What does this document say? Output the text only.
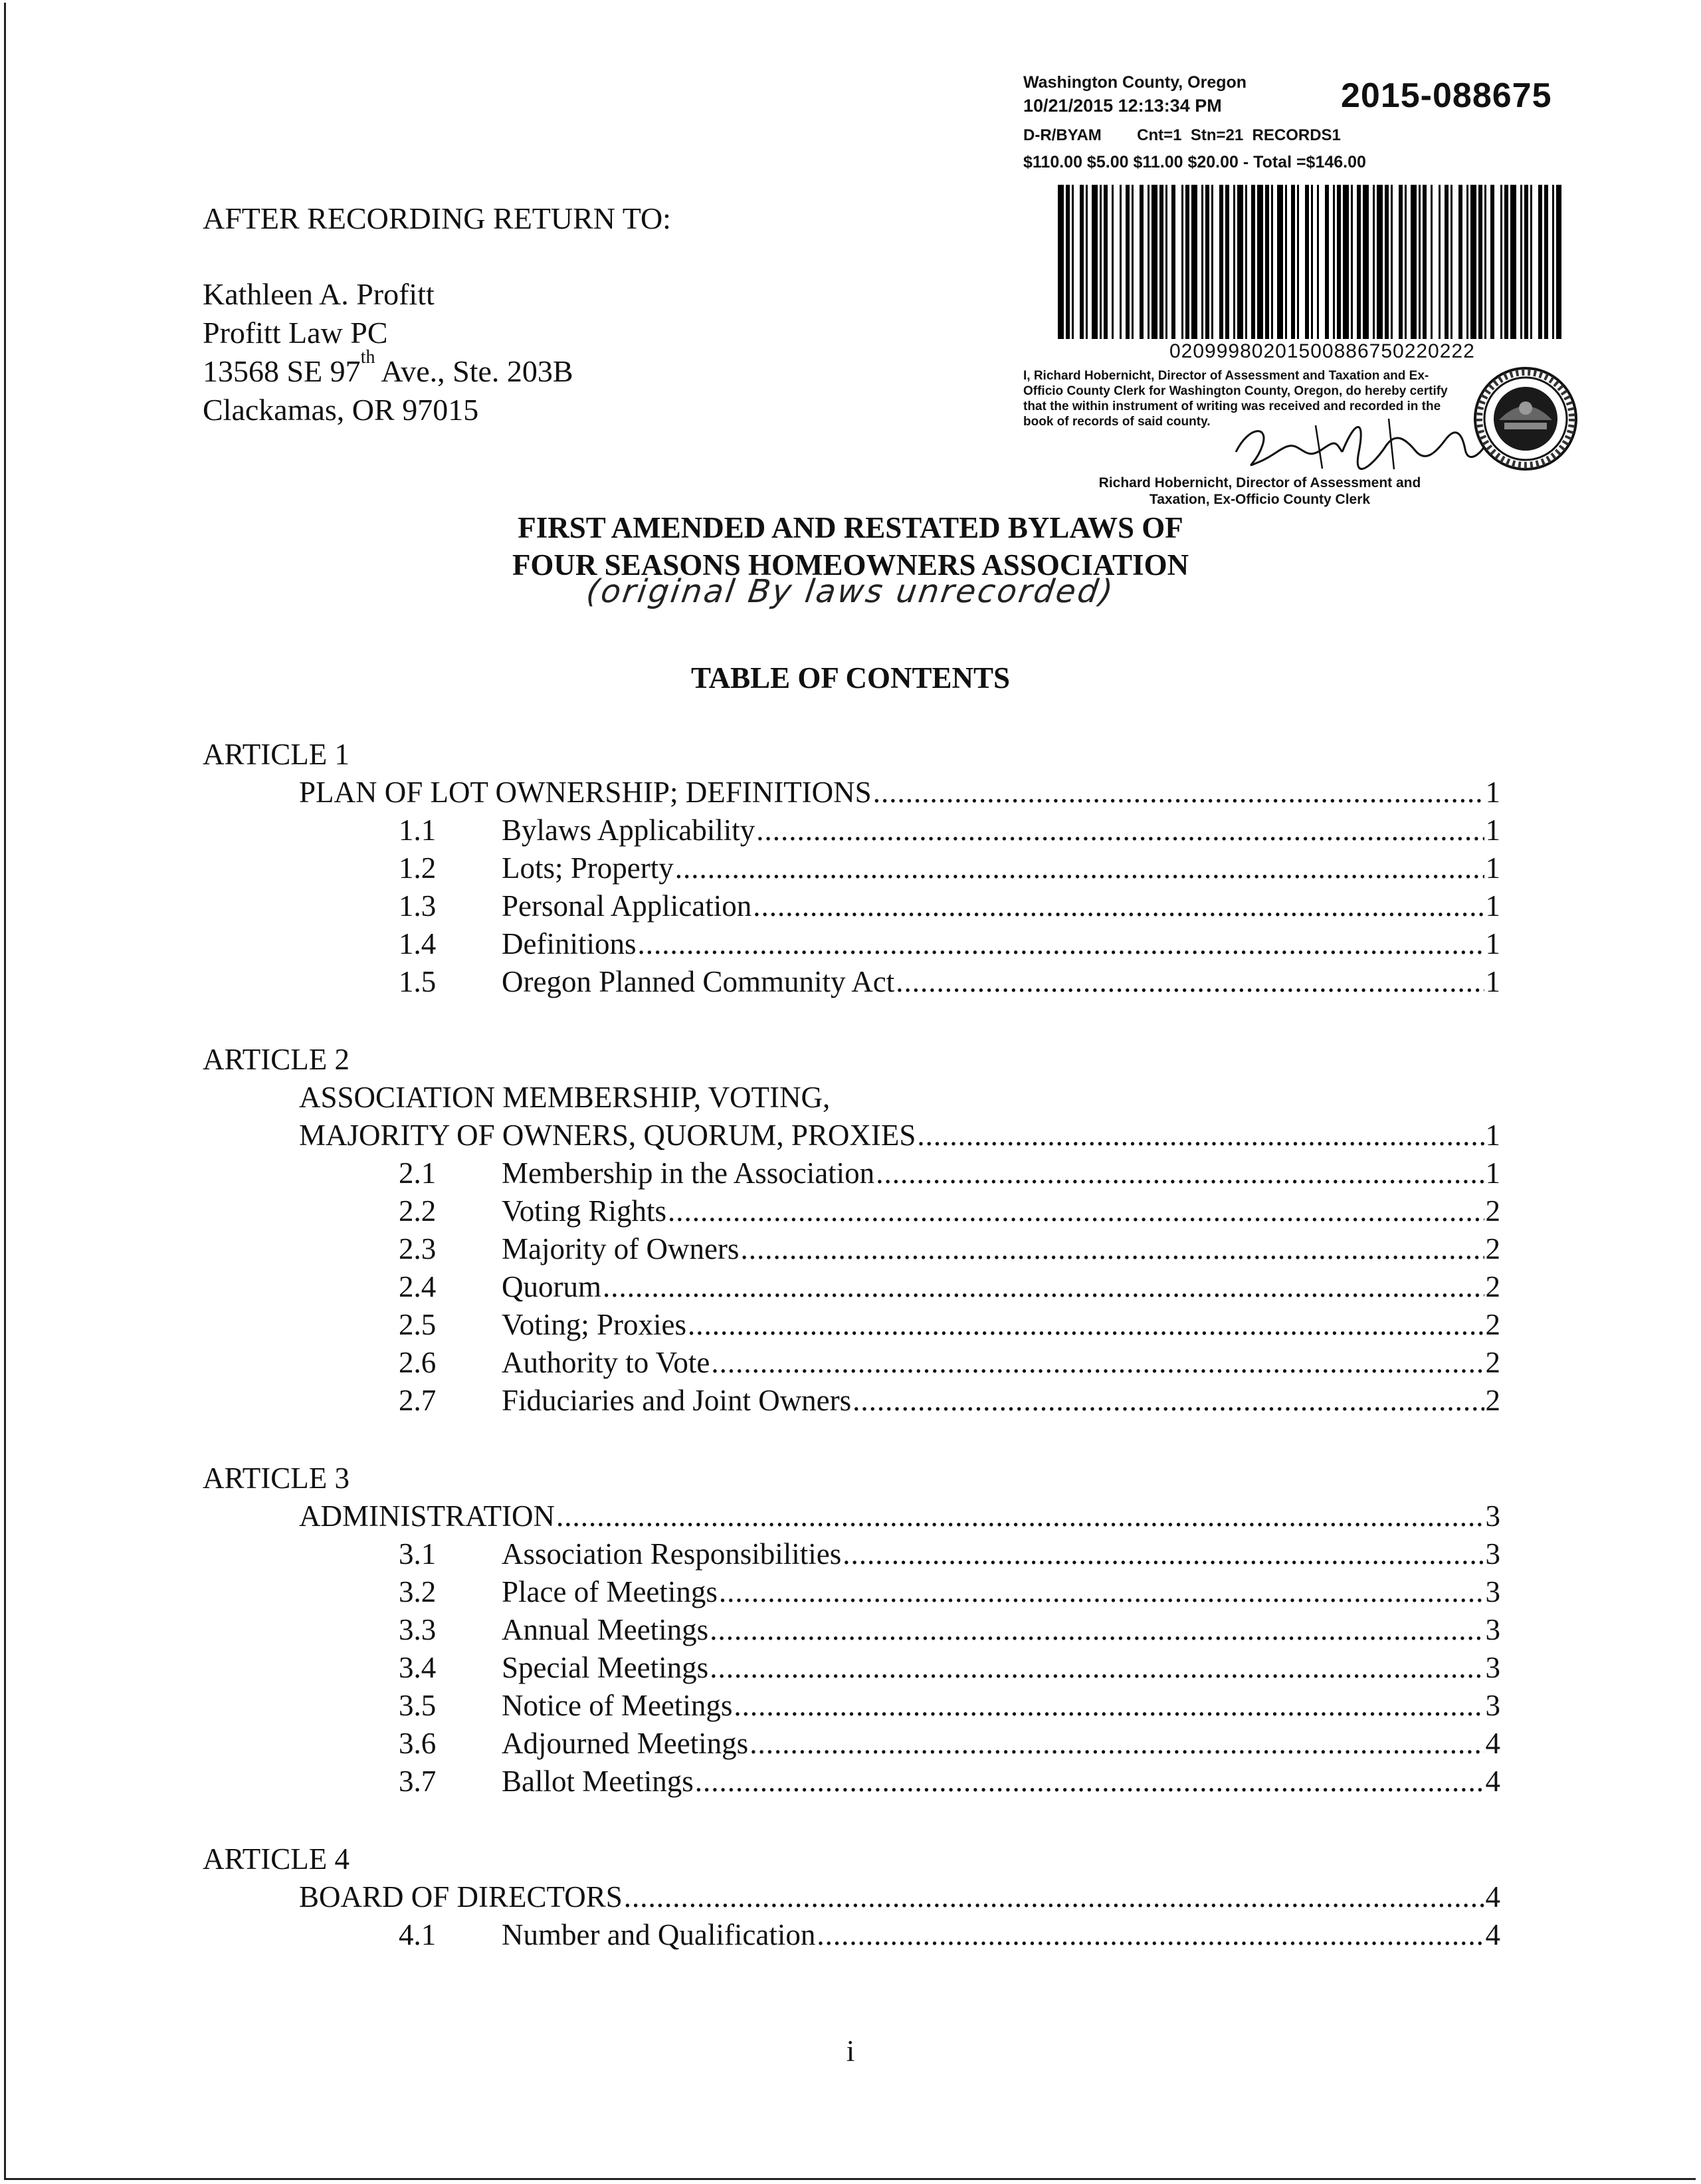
Washington County, Oregon
10/21/2015 12:13:34 PM	2015-088675
D-R/BYAM        Cnt=1  Stn=21  RECORDS1
$110.00 $5.00 $11.00 $20.00 - Total =$146.00
02099980201500886750220222
I, Richard Hobernicht, Director of Assessment and Taxation and Ex-Officio County Clerk for Washington County, Oregon, do hereby certify that the within instrument of writing was received and recorded in the book of records of said county.
Richard Hobernicht, Director of Assessment and
Taxation, Ex-Officio County Clerk
AFTER RECORDING RETURN TO:
Kathleen A. Profitt
Profitt Law PC
13568 SE 97th Ave., Ste. 203B
Clackamas, OR 97015
FIRST AMENDED AND RESTATED BYLAWS OF
FOUR SEASONS HOMEOWNERS ASSOCIATION
(original By laws unrecorded)
TABLE OF CONTENTS
ARTICLE 1
PLAN OF LOT OWNERSHIP; DEFINITIONS .....	1
1.1	Bylaws Applicability .....	1
1.2	Lots; Property .....	1
1.3	Personal Application .....	1
1.4	Definitions .....	1
1.5	Oregon Planned Community Act .....	1
ARTICLE 2
ASSOCIATION MEMBERSHIP, VOTING,
MAJORITY OF OWNERS, QUORUM, PROXIES .....	1
2.1	Membership in the Association .....	1
2.2	Voting Rights .....	2
2.3	Majority of Owners .....	2
2.4	Quorum .....	2
2.5	Voting; Proxies .....	2
2.6	Authority to Vote .....	2
2.7	Fiduciaries and Joint Owners .....	2
ARTICLE 3
ADMINISTRATION .....	3
3.1	Association Responsibilities .....	3
3.2	Place of Meetings .....	3
3.3	Annual Meetings .....	3
3.4	Special Meetings .....	3
3.5	Notice of Meetings .....	3
3.6	Adjourned Meetings .....	4
3.7	Ballot Meetings .....	4
ARTICLE 4
BOARD OF DIRECTORS .....	4
4.1	Number and Qualification .....	4
i
